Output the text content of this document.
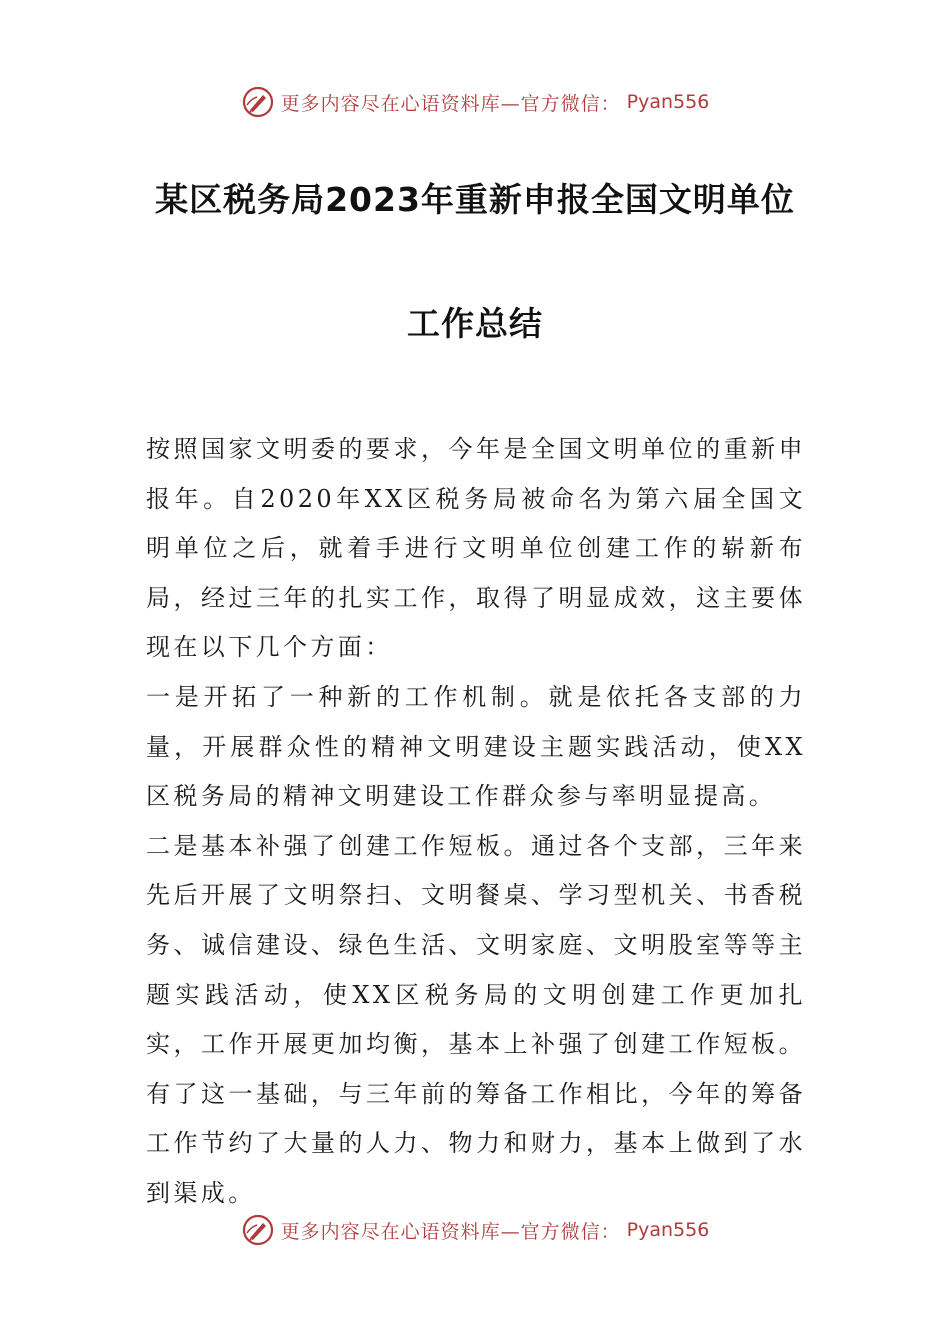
更多内容尽在心语资料库—官方微信： Pyan556
某区税务局2023年重新申报全国文明单位
工作总结

按照国家文明委的要求，今年是全国文明单位的重新申报年。自2020年XX区税务局被命名为第六届全国文明单位之后，就着手进行文明单位创建工作的崭新布局，经过三年的扎实工作，取得了明显成效，这主要体现在以下几个方面：

一是开拓了一种新的工作机制。就是依托各支部的力量，开展群众性的精神文明建设主题实践活动，使XX区税务局的精神文明建设工作群众参与率明显提高。

二是基本补强了创建工作短板。通过各个支部，三年来先后开展了文明祭扫、文明餐桌、学习型机关、书香税务、诚信建设、绿色生活、文明家庭、文明股室等等主题实践活动，使XX区税务局的文明创建工作更加扎实，工作开展更加均衡，基本上补强了创建工作短板。有了这一基础，与三年前的筹备工作相比，今年的筹备工作节约了大量的人力、物力和财力，基本上做到了水到渠成。

更多内容尽在心语资料库—官方微信： Pyan556
